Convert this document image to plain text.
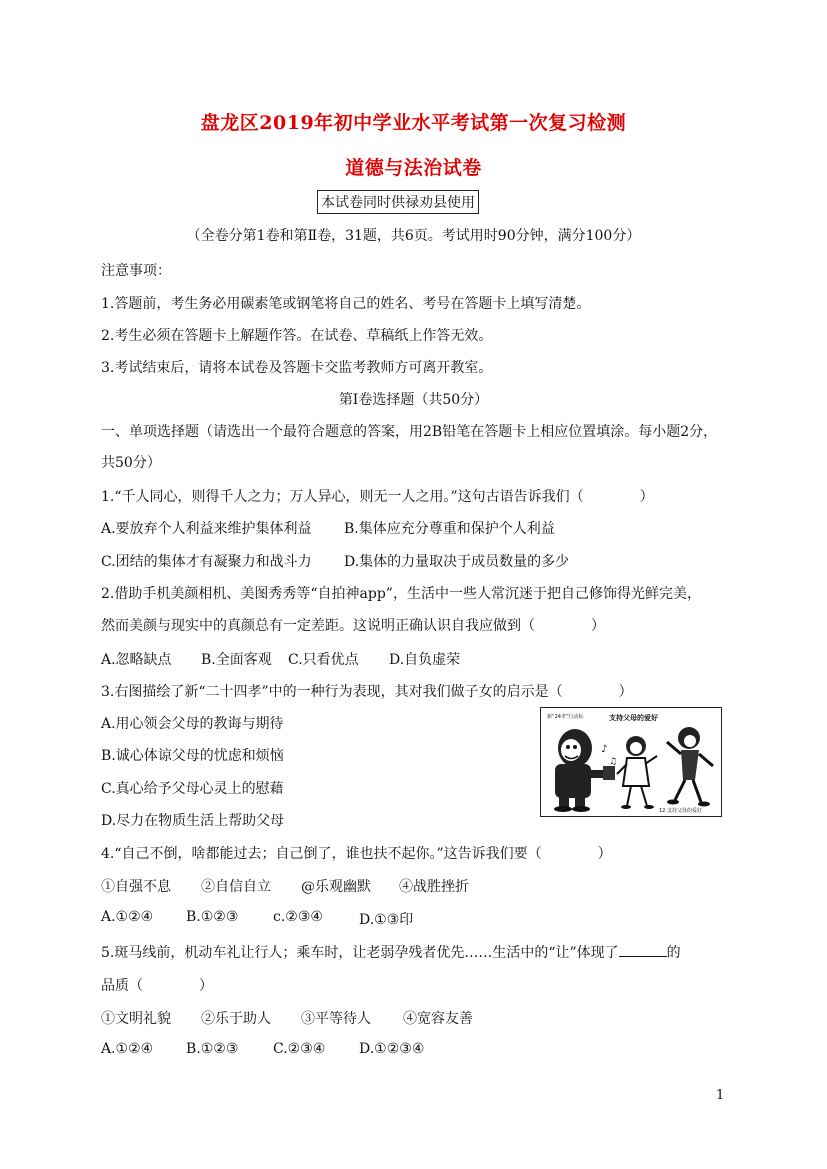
盘龙区2019年初中学业水平考试第一次复习检测
道德与法治试卷
本试卷同时供禄劝县使用
（全卷分第1卷和第Ⅱ卷，31题，共6页。考试用时90分钟，满分100分）
注意事项：
1.答题前，考生务必用碳素笔或钢笔将自己的姓名、考号在答题卡上填写清楚。
2.考生必须在答题卡上解题作答。在试卷、草稿纸上作答无效。
3.考试结束后，请将本试卷及答题卡交监考教师方可离开教室。
第Ⅰ卷选择题（共50分）
一、单项选择题（请选出一个最符合题意的答案，用2B铅笔在答题卡上相应位置填涂。每小题2分，
共50分）
1.“千人同心，则得千人之力；万人异心，则无一人之用。”这句古语告诉我们（　　　　）
A.要放弃个人利益来维护集体利益 B.集体应充分尊重和保护个人利益
C.团结的集体才有凝聚力和战斗力 D.集体的力量取决于成员数量的多少
2.借助手机美颜相机、美图秀秀等“自拍神app”，生活中一些人常沉迷于把自己修饰得光鲜完美，
然而美颜与现实中的真颜总有一定差距。这说明正确认识自我应做到（　　　　）
A.忽略缺点 B.全面客观 C.只看优点 D.自负虚荣
3.右图描绘了新“二十四孝”中的一种行为表现，其对我们做子女的启示是（　　　　）
A.用心领会父母的教诲与期待
B.诚心体谅父母的忧虑和烦恼
C.真心给予父母心灵上的慰藉
D.尽力在物质生活上帮助父母
新“24孝”行动标	支持父母的爱好
♪
♫
12.支持父母的爱好
4.“自己不倒，啥都能过去；自己倒了，谁也扶不起你。”这告诉我们要（　　　　）
①自强不息 ②自信自立 @乐观幽默 ④战胜挫折
A.①②④ B.①②③ c.②③④	D.①③印
5.斑马线前，机动车礼让行人；乘车时，让老弱孕残者优先……生活中的“让”体现了	的
品质（　　　　）
①文明礼貌 ②乐于助人 ③平等待人 ④宽容友善
A.①②④ B.①②③ C.②③④ D.①②③④
1
